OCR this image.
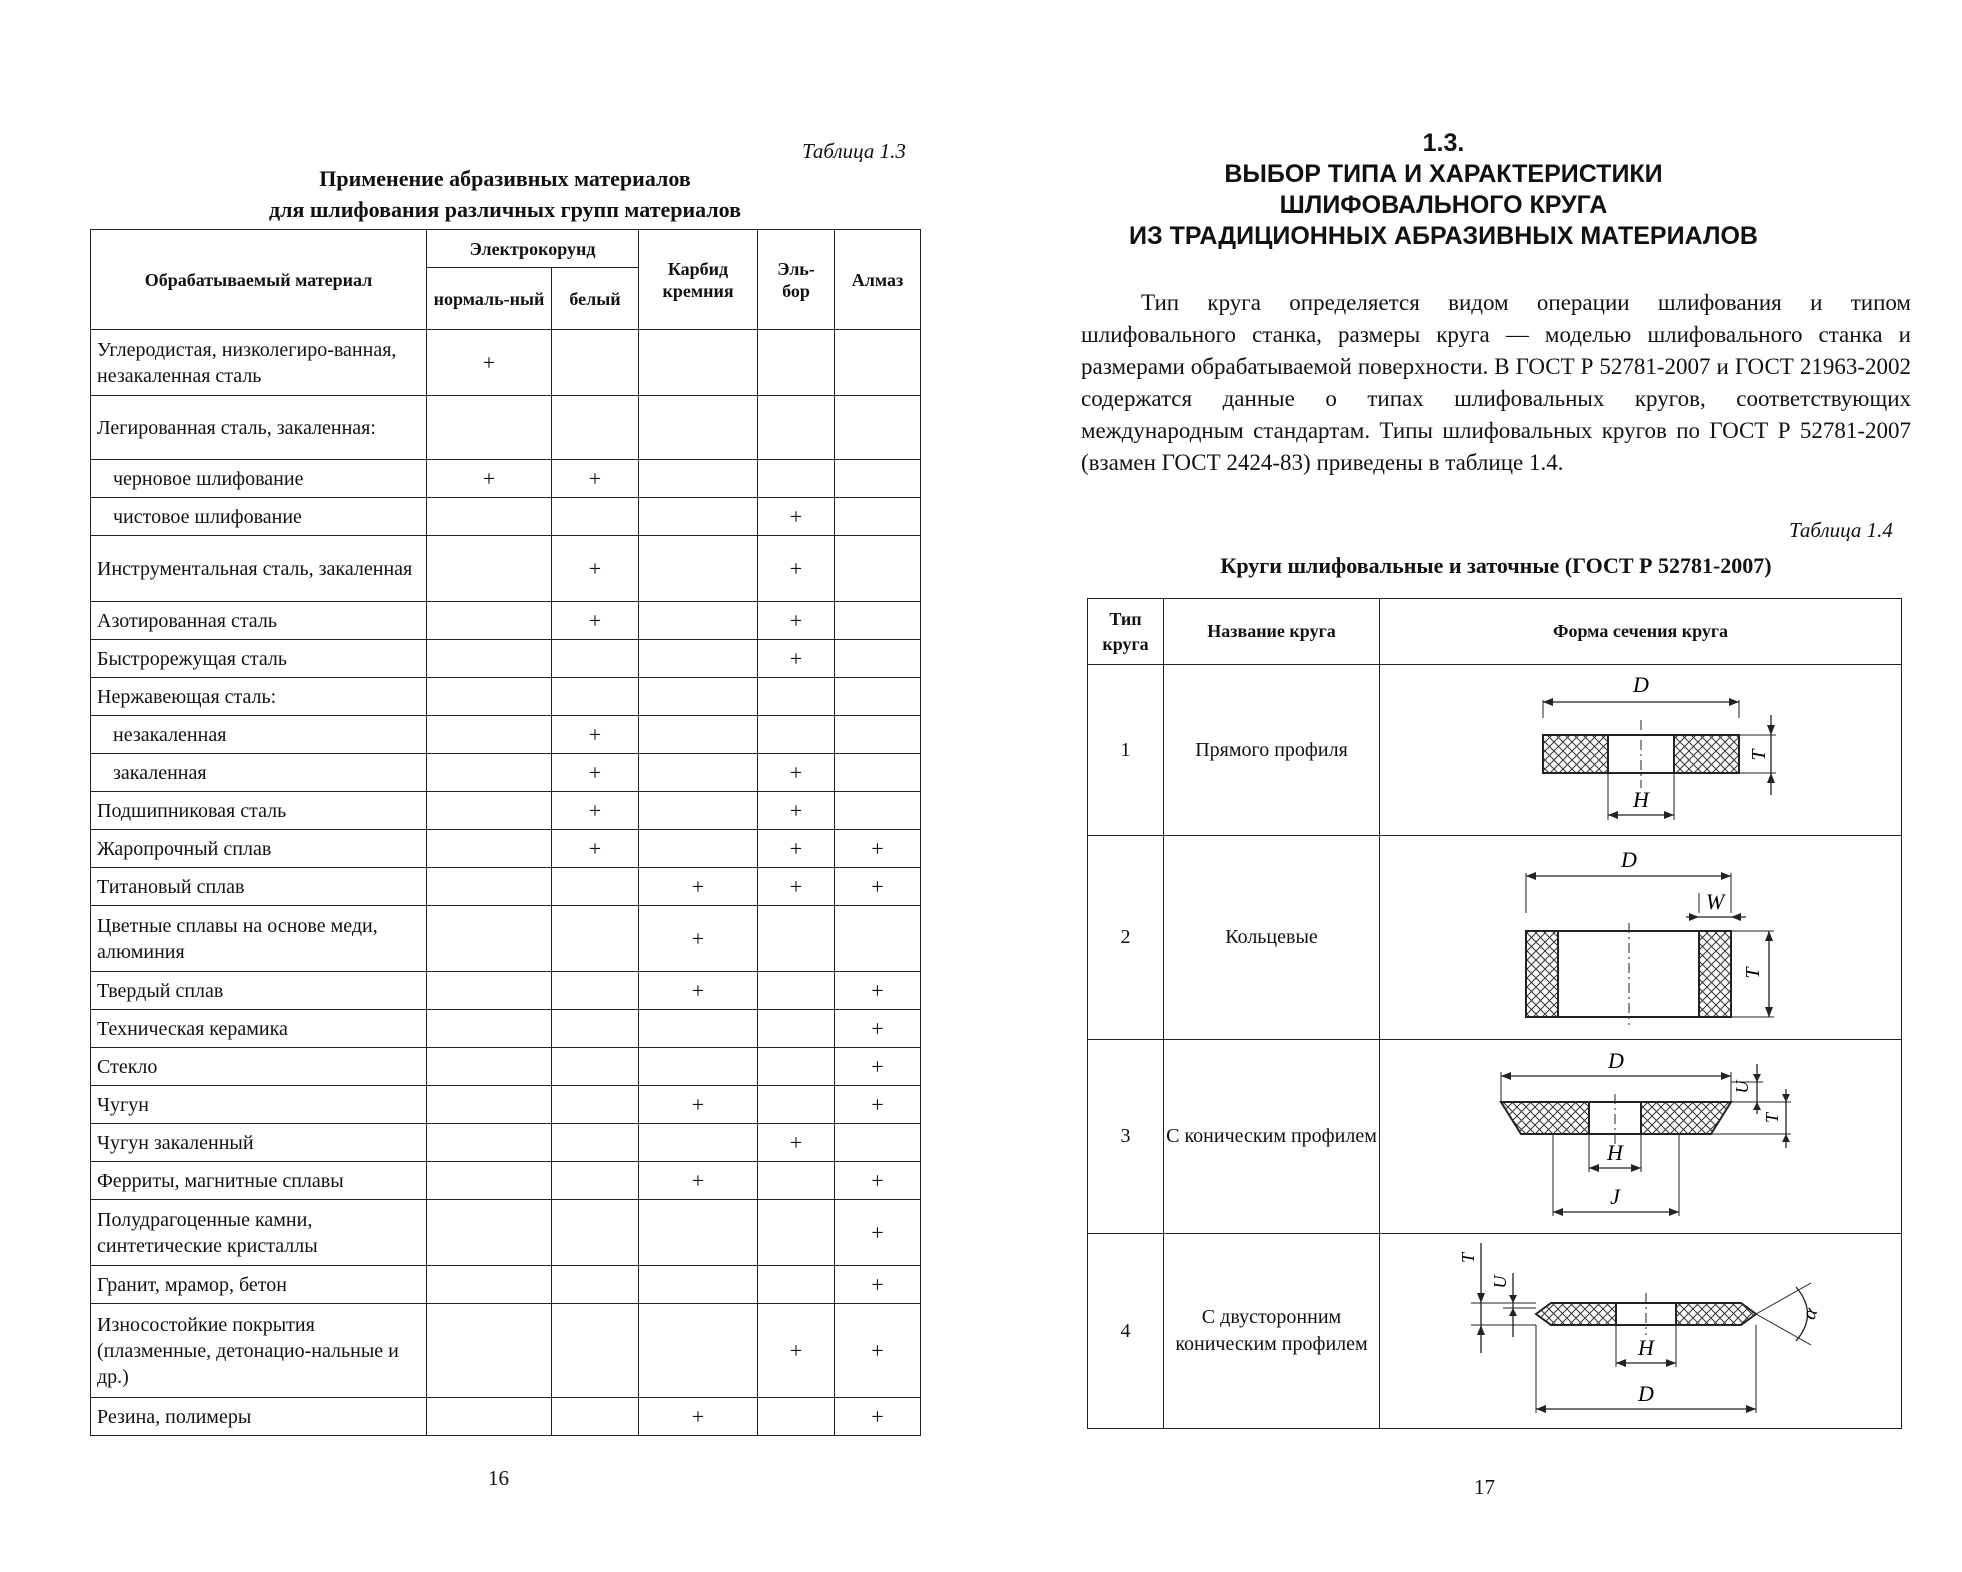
Таблица 1.3
Применение абразивных материалов
для шлифования различных групп материалов
Обрабатываемый материал	Электрокорунд		Карбид кремния	Эль-бор	Алмаз
	нормаль-ный	белый			
Углеродистая, низколегиро-ванная, незакаленная сталь	+				
Легированная сталь, закаленная:					
черновое шлифование	+	+			
чистовое шлифование				+	
Инструментальная сталь, закаленная		+		+	
Азотированная сталь		+		+	
Быстрорежущая сталь				+	
Нержавеющая сталь:					
незакаленная		+			
закаленная		+		+	
Подшипниковая сталь		+		+	
Жаропрочный сплав		+		+	+
Титановый сплав			+	+	+
Цветные сплавы на основе меди, алюминия			+		
Твердый сплав			+		+
Техническая керамика					+
Стекло					+
Чугун			+		+
Чугун закаленный				+	
Ферриты, магнитные сплавы			+		+
Полудрагоценные камни, синтетические кристаллы					+
Гранит, мрамор, бетон					+
Износостойкие покрытия (плазменные, детонацио-нальные и др.)				+	+
Резина, полимеры			+		+
16
1.3.
ВЫБОР ТИПА И ХАРАКТЕРИСТИКИ
ШЛИФОВАЛЬНОГО КРУГА
ИЗ ТРАДИЦИОННЫХ АБРАЗИВНЫХ МАТЕРИАЛОВ

Тип круга определяется видом операции шлифования и типом шлифовального станка, размеры круга — моделью шлифовального станка и размерами обрабатываемой поверхности. В ГОСТ Р 52781-2007 и ГОСТ 21963-2002 содержатся данные о типах шлифовальных кругов, соответствующих международным стандартам. Типы шлифовальных кругов по ГОСТ Р 52781-2007 (взамен ГОСТ 2424-83) приведены в таблице 1.4.

Таблица 1.4
Круги шлифовальные и заточные (ГОСТ Р 52781-2007)
Тип круга	Название круга	Форма сечения круга
1	Прямого профиля	D
H
T

2	Кольцевые	D
W
T

3	С коническим профилем	D
U
T
H
J

4	С двусторонним коническим профилем	T
U
α
H
D
17
